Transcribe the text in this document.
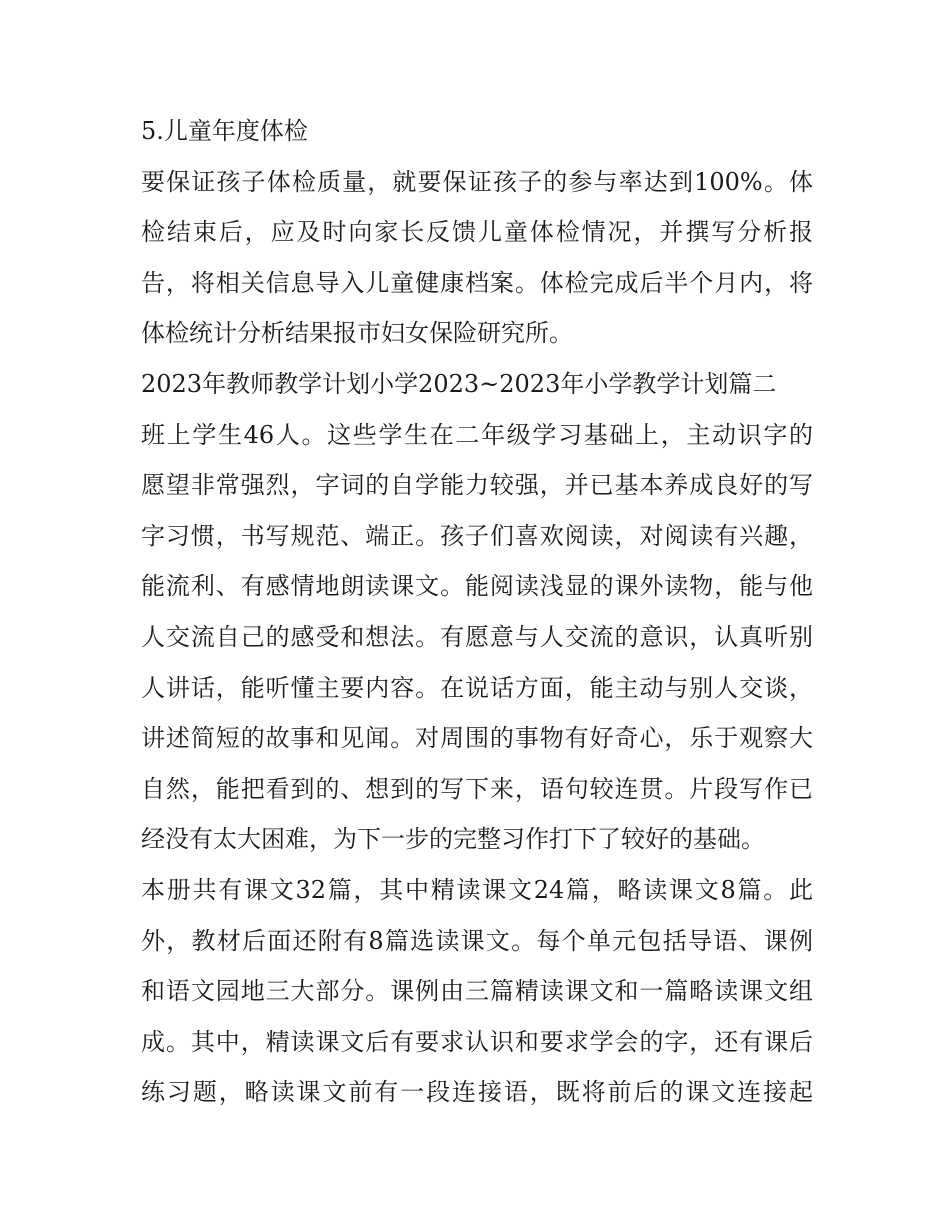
5.儿童年度体检
要保证孩子体检质量，就要保证孩子的参与率达到100%。体
检结束后，应及时向家长反馈儿童体检情况，并撰写分析报
告，将相关信息导入儿童健康档案。体检完成后半个月内，将
体检统计分析结果报市妇女保险研究所。
2023年教师教学计划小学2023~2023年小学教学计划篇二
班上学生46人。这些学生在二年级学习基础上，主动识字的
愿望非常强烈，字词的自学能力较强，并已基本养成良好的写
字习惯，书写规范、端正。孩子们喜欢阅读，对阅读有兴趣，
能流利、有感情地朗读课文。能阅读浅显的课外读物，能与他
人交流自己的感受和想法。有愿意与人交流的意识，认真听别
人讲话，能听懂主要内容。在说话方面，能主动与别人交谈，
讲述简短的故事和见闻。对周围的事物有好奇心，乐于观察大
自然，能把看到的、想到的写下来，语句较连贯。片段写作已
经没有太大困难，为下一步的完整习作打下了较好的基础。
本册共有课文32篇，其中精读课文24篇，略读课文8篇。此
外，教材后面还附有8篇选读课文。每个单元包括导语、课例
和语文园地三大部分。课例由三篇精读课文和一篇略读课文组
成。其中，精读课文后有要求认识和要求学会的字，还有课后
练习题，略读课文前有一段连接语，既将前后的课文连接起
